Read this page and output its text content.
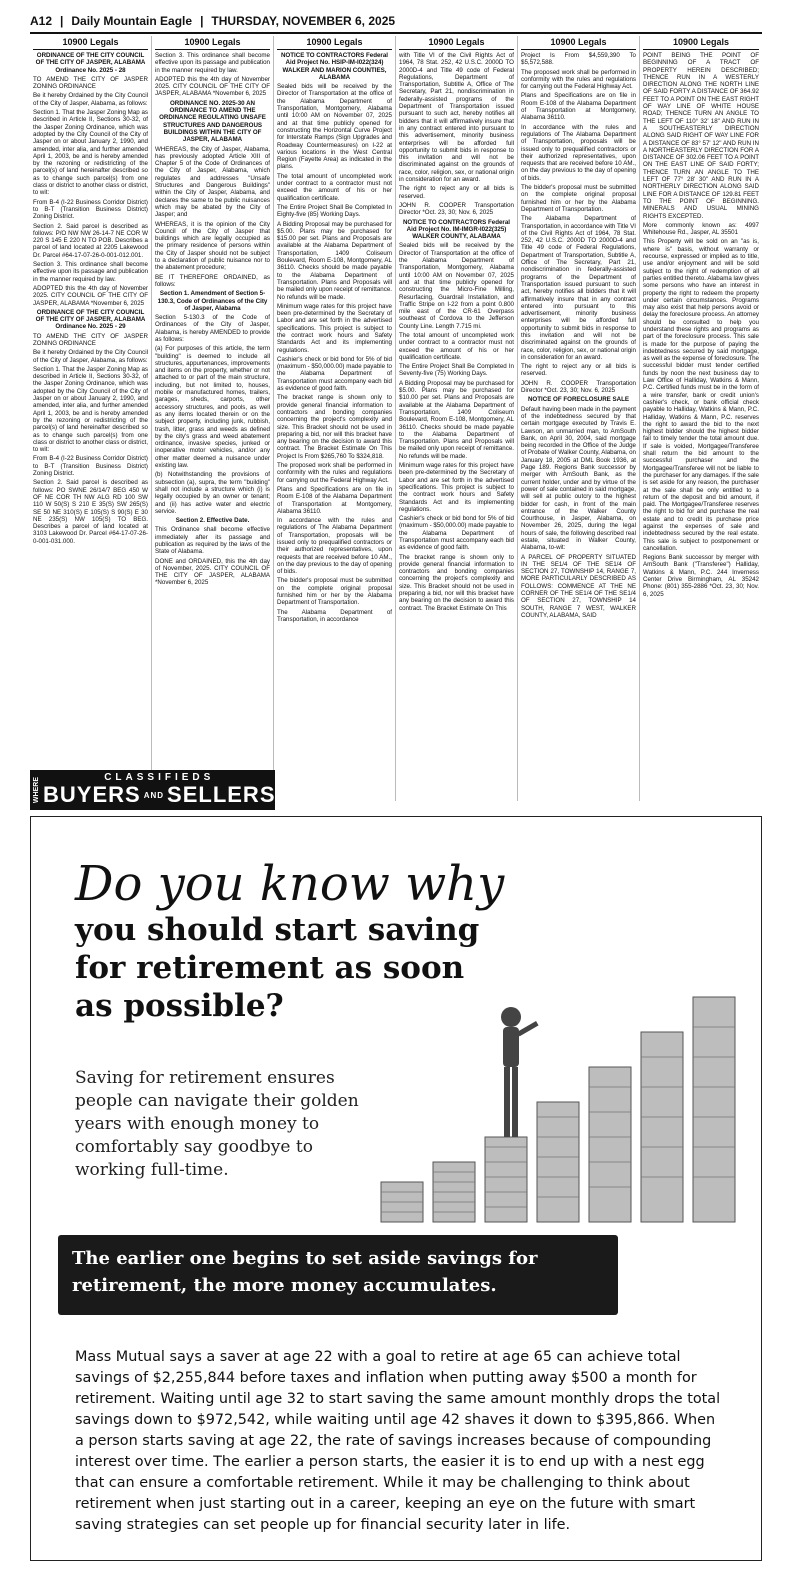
A12 | Daily Mountain Eagle | THURSDAY, NOVEMBER 6, 2025
10900 Legals
ORDINANCE OF THE CITY COUNCIL OF THE CITY OF JASPER, ALABAMA Ordinance No. 2025 - 28

TO AMEND THE CITY OF JASPER ZONING ORDINANCE

Be it hereby Ordained by the City Council of the City of Jasper, Alabama, as follows:

Section 1. That the Jasper Zoning Map as described in Article II, Sections 30-32, of the Jasper Zoning Ordinance, which was adopted by the City Council of the City of Jasper on or about January 2, 1990, and amended, inter alia, and further amended April 1, 2003, be and is hereby amended by the rezoning or redistricting of the parcel(s) of land hereinafter described so as to change such parcel(s) from one class or district to another class or district, to wit:

From B-4 (I-22 Business Corridor District) to B-T (Transition Business District) Zoning District.

Section 2. Said parcel is described as follows: P/O NW NW 26-14-7 NE COR W 220 S 145 E 220 N TO POB. Describes a parcel of land located at 2205 Lakewood Dr. Parcel #64-17-07-26-0-001-012.001.

Section 3. This ordinance shall become effective upon its passage and publication in the manner required by law.

ADOPTED this the 4th day of November 2025. CITY COUNCIL OF THE CITY OF JASPER, ALABAMA *November 6, 2025

ORDINANCE OF THE CITY COUNCIL OF THE CITY OF JASPER, ALABAMA Ordinance No. 2025 - 29

TO AMEND THE CITY OF JASPER ZONING ORDINANCE

Be it hereby Ordained by the City Council of the City of Jasper, Alabama, as follows:

Section 1. That the Jasper Zoning Map as described in Article II, Sections 30-32, of the Jasper Zoning Ordinance, which was adopted by the City Council of the City of Jasper on or about January 2, 1990, and amended, inter alia, and further amended April 1, 2003, be and is hereby amended by the rezoning or redistricting of the parcel(s) of land hereinafter described so as to change such parcel(s) from one class or district to another class or district, to wit:

From B-4 (I-22 Business Corridor District) to B-T (Transition Business District) Zoning District.

Section 2. Said parcel is described as follows: PO SWNE 26/14/7 BEG 450 W OF NE COR TH NW ALG RD 100 SW 110 W 50(S) S 210 E 35(S) SW 265(S) SE 50 NE 310(S) E 105(S) S 90(S) E 30 NE 235(S) NW 105(S) TO BEG. Describes a parcel of land located at 3103 Lakewood Dr. Parcel #64-17-07-26-0-001-031.000.

10900 Legals

Section 3. This ordinance shall become effective upon its passage and publication in the manner required by law.

ADOPTED this the 4th day of November 2025. CITY COUNCIL OF THE CITY OF JASPER, ALABAMA *November 6, 2025

ORDINANCE NO. 2025-30 AN ORDINANCE TO AMEND THE ORDINANCE REGULATING UNSAFE STRUCTURES AND DANGEROUS BUILDINGS WITHIN THE CITY OF JASPER, ALABAMA

WHEREAS, the City of Jasper, Alabama, has previously adopted Article XIII of Chapter 5 of the Code of Ordinances of the City of Jasper, Alabama, which regulates and addresses "Unsafe Structures and Dangerous Buildings" within the City of Jasper, Alabama, and declares the same to be public nuisances which may be abated by the City of Jasper; and

WHEREAS, it is the opinion of the City Council of the City of Jasper that buildings which are legally occupied as the primary residence of persons within the City of Jasper should not be subject to a declaration of public nuisance nor to the abatement procedure;

BE IT THEREFORE ORDAINED, as follows:

Section 1. Amendment of Section 5-130.3, Code of Ordinances of the City of Jasper, Alabama

Section 5-130.3 of the Code of Ordinances of the City of Jasper, Alabama, is hereby AMENDED to provide as follows:

(a) For purposes of this article, the term "building" is deemed to include all structures, appurtenances, improvements and items on the property, whether or not attached to or part of the main structure, including, but not limited to, houses, mobile or manufactured homes, trailers, garages, sheds, carports, other accessory structures, and pools, as well as any items located therein or on the subject property, including junk, rubbish, trash, litter, grass and weeds as defined by the city's grass and weed abatement ordinance, invasive species, junked or inoperative motor vehicles, and/or any other matter deemed a nuisance under existing law.

(b) Notwithstanding the provisions of subsection (a), supra, the term "building" shall not include a structure which (i) is legally occupied by an owner or tenant; and (ii) has active water and electric service.

Section 2. Effective Date.

This Ordinance shall become effective immediately after its passage and publication as required by the laws of the State of Alabama.

DONE and ORDAINED, this the 4th day of November, 2025. CITY COUNCIL OF THE CITY OF JASPER, ALABAMA *November 6, 2025

10900 Legals
NOTICE TO CONTRACTORS Federal Aid Project No. HSIP-IM-I022(324) WALKER AND MARION COUNTIES, ALABAMA

Sealed bids will be received by the Director of Transportation at the office of the Alabama Department of Transportation, Montgomery, Alabama until 10:00 AM on November 07, 2025 and at that time publicly opened for constructing the Horizontal Curve Project for Interstate Ramps (Sign Upgrades and Roadway Countermeasures) on I-22 at various locations in the West Central Region (Fayette Area) as indicated in the plans.

The total amount of uncompleted work under contract to a contractor must not exceed the amount of his or her qualification certificate.

The Entire Project Shall Be Completed In Eighty-five (85) Working Days.

A Bidding Proposal may be purchased for $5.00. Plans may be purchased for $15.00 per set. Plans and Proposals are available at the Alabama Department of Transportation, 1409 Coliseum Boulevard, Room E-108, Montgomery, AL 36110. Checks should be made payable to the Alabama Department of Transportation. Plans and Proposals will be mailed only upon receipt of remittance. No refunds will be made.

Minimum wage rates for this project have been pre-determined by the Secretary of Labor and are set forth in the advertised specifications. This project is subject to the contract work hours and Safety Standards Act and its implementing regulations.

Cashier's check or bid bond for 5% of bid (maximum - $50,000.00) made payable to the Alabama Department of Transportation must accompany each bid as evidence of good faith.

The bracket range is shown only to provide general financial information to contractors and bonding companies concerning the project's complexity and size. This Bracket should not be used in preparing a bid, nor will this bracket have any bearing on the decision to award this contract. The Bracket Estimate On This Project Is From $265,760 To $324,818.

The proposed work shall be performed in conformity with the rules and regulations for carrying out the Federal Highway Act.

Plans and Specifications are on file in Room E-108 of the Alabama Department of Transportation at Montgomery, Alabama 36110.

In accordance with the rules and regulations of The Alabama Department of Transportation, proposals will be issued only to prequalified contractors or their authorized representatives, upon requests that are received before 10 AM., on the day previous to the day of opening of bids.

The bidder's proposal must be submitted on the complete original proposal furnished him or her by the Alabama Department of Transportation.

The Alabama Department of Transportation, in accordance

10900 Legals

with Title VI of the Civil Rights Act of 1964, 78 Stat. 252, 42 U.S.C. 2000D TO 2000D-4 and Title 49 code of Federal Regulations, Department of Transportation, Subtitle A, Office of The Secretary, Part 21, nondiscrimination in federally-assisted programs of the Department of Transportation issued pursuant to such act, hereby notifies all bidders that it will affirmatively insure that in any contract entered into pursuant to this advertisement, minority business enterprises will be afforded full opportunity to submit bids in response to this invitation and will not be discriminated against on the grounds of race, color, religion, sex, or national origin in consideration for an award.

The right to reject any or all bids is reserved.

JOHN R. COOPER Transportation Director *Oct. 23, 30; Nov. 6, 2025

NOTICE TO CONTRACTORS Federal Aid Project No. IM-IMGR-I022(325) WALKER COUNTY, ALABAMA

Sealed bids will be received by the Director of Transportation at the office of the Alabama Department of Transportation, Montgomery, Alabama until 10:00 AM on November 07, 2025 and at that time publicly opened for constructing the Micro-Fine Milling, Resurfacing, Guardrail Installation, and Traffic Stripe on I-22 from a point 0.800 mile east of the CR-61 Overpass southeast of Cordova to the Jefferson County Line. Length 7.715 mi.

The total amount of uncompleted work under contract to a contractor must not exceed the amount of his or her qualification certificate.

The Entire Project Shall Be Completed In Seventy-five (75) Working Days.

A Bidding Proposal may be purchased for $5.00. Plans may be purchased for $10.00 per set. Plans and Proposals are available at the Alabama Department of Transportation, 1409 Coliseum Boulevard, Room E-108, Montgomery, AL 36110. Checks should be made payable to the Alabama Department of Transportation. Plans and Proposals will be mailed only upon receipt of remittance. No refunds will be made.

Minimum wage rates for this project have been pre-determined by the Secretary of Labor and are set forth in the advertised specifications. This project is subject to the contract work hours and Safety Standards Act and its implementing regulations.

Cashier's check or bid bond for 5% of bid (maximum - $50,000.00) made payable to the Alabama Department of Transportation must accompany each bid as evidence of good faith.

The bracket range is shown only to provide general financial information to contractors and bonding companies concerning the project's complexity and size. This Bracket should not be used in preparing a bid, nor will this bracket have any bearing on the decision to award this contract. The Bracket Estimate On This

10900 Legals

Project Is From $4,559,390 To $5,572,588.

The proposed work shall be performed in conformity with the rules and regulations for carrying out the Federal Highway Act.

Plans and Specifications are on file in Room E-108 of the Alabama Department of Transportation at Montgomery, Alabama 36110.

In accordance with the rules and regulations of The Alabama Department of Transportation, proposals will be issued only to prequalified contractors or their authorized representatives, upon requests that are received before 10 AM., on the day previous to the day of opening of bids.

The bidder's proposal must be submitted on the complete original proposal furnished him or her by the Alabama Department of Transportation.

The Alabama Department of Transportation, in accordance with Title VI of the Civil Rights Act of 1964, 78 Stat. 252, 42 U.S.C. 2000D TO 2000D-4 and Title 49 code of Federal Regulations, Department of Transportation, Subtitle A, Office of The Secretary, Part 21, nondiscrimination in federally-assisted programs of the Department of Transportation issued pursuant to such act, hereby notifies all bidders that it will affirmatively insure that in any contract entered into pursuant to this advertisement, minority business enterprises will be afforded full opportunity to submit bids in response to this invitation and will not be discriminated against on the grounds of race, color, religion, sex, or national origin in consideration for an award.

The right to reject any or all bids is reserved.

JOHN R. COOPER Transportation Director *Oct. 23, 30; Nov. 6, 2025

NOTICE OF FORECLOSURE SALE

Default having been made in the payment of the indebtedness secured by that certain mortgage executed by Travis E. Lawson, an unmarried man, to AmSouth Bank, on April 30, 2004, said mortgage being recorded in the Office of the Judge of Probate of Walker County, Alabama, on January 18, 2005 at DML Book 1936, at Page 189. Regions Bank successor by merger with AmSouth Bank, as the current holder, under and by virtue of the power of sale contained in said mortgage, will sell at public outcry to the highest bidder for cash, in front of the main entrance of the Walker County Courthouse, in Jasper, Alabama, on November 26, 2025, during the legal hours of sale, the following described real estate, situated in Walker County, Alabama, to-wit:

A PARCEL OF PROPERTY SITUATED IN THE SE1/4 OF THE SE1/4 OF SECTION 27, TOWNSHIP 14, RANGE 7, MORE PARTICULARLY DESCRIBED AS FOLLOWS: COMMENCE AT THE NE CORNER OF THE SE1/4 OF THE SE1/4 OF SECTION 27, TOWNSHIP 14 SOUTH, RANGE 7 WEST, WALKER COUNTY, ALABAMA, SAID

10900 Legals

POINT BEING THE POINT OF BEGINNING OF A TRACT OF PROPERTY HEREIN DESCRIBED; THENCE RUN IN A WESTERLY DIRECTION ALONG THE NORTH LINE OF SAID FORTY A DISTANCE OF 364.92 FEET TO A POINT ON THE EAST RIGHT OF WAY LINE OF WHITE HOUSE ROAD; THENCE TURN AN ANGLE TO THE LEFT OF 110° 32' 18" AND RUN IN A SOUTHEASTERLY DIRECTION ALONG SAID RIGHT OF WAY LINE FOR A DISTANCE OF 83° 57' 12" AND RUN IN A NORTHEASTERLY DIRECTION FOR A DISTANCE OF 302.06 FEET TO A POINT ON THE EAST LINE OF SAID FORTY; THENCE TURN AN ANGLE TO THE LEFT OF 77° 28' 30" AND RUN IN A NORTHERLY DIRECTION ALONG SAID LINE FOR A DISTANCE OF 129.81 FEET TO THE POINT OF BEGINNING. MINERALS AND USUAL MINING RIGHTS EXCEPTED.

More commonly known as: 4997 Whitehouse Rd., Jasper, AL 35501

This Property will be sold on an "as is, where is" basis, without warranty or recourse, expressed or implied as to title, use and/or enjoyment and will be sold subject to the right of redemption of all parties entitled thereto. Alabama law gives some persons who have an interest in property the right to redeem the property under certain circumstances. Programs may also exist that help persons avoid or delay the foreclosure process. An attorney should be consulted to help you understand these rights and programs as part of the foreclosure process. This sale is made for the purpose of paying the indebtedness secured by said mortgage, as well as the expense of foreclosure. The successful bidder must tender certified funds by noon the next business day to Law Office of Halliday, Watkins & Mann, P.C. Certified funds must be in the form of a wire transfer, bank or credit union's cashier's check, or bank official check payable to Halliday, Watkins & Mann, P.C. Halliday, Watkins & Mann, P.C. reserves the right to award the bid to the next highest bidder should the highest bidder fail to timely tender the total amount due. If sale is voided, Mortgagee/Transferee shall return the bid amount to the successful purchaser and the Mortgagee/Transferee will not be liable to the purchaser for any damages. If the sale is set aside for any reason, the purchaser at the sale shall be only entitled to a return of the deposit and bid amount, if paid. The Mortgagee/Transferee reserves the right to bid for and purchase the real estate and to credit its purchase price against the expenses of sale and indebtedness secured by the real estate. This sale is subject to postponement or cancellation.

Regions Bank successor by merger with AmSouth Bank ("Transferee") Halliday, Watkins & Mann, P.C. 244 Inverness Center Drive Birmingham, AL 35242 Phone: (801) 355-2886 *Oct. 23, 30; Nov. 6, 2025

WHERE	CLASSIFIEDS
BUYERS AND SELLERS MEET
Do you know why
you should start saving for retirement as soon as possible?
Saving for retirement ensures people can navigate their golden years with enough money to comfortably say goodbye to working full-time.
The earlier one begins to set aside savings for retirement, the more money accumulates.
Mass Mutual says a saver at age 22 with a goal to retire at age 65 can achieve total savings of $2,255,844 before taxes and inflation when putting away $500 a month for retirement. Waiting until age 32 to start saving the same amount monthly drops the total savings down to $972,542, while waiting until age 42 shaves it down to $395,866. When a person starts saving at age 22, the rate of savings increases because of compounding interest over time. The earlier a person starts, the easier it is to end up with a nest egg that can ensure a comfortable retirement. While it may be challenging to think about retirement when just starting out in a career, keeping an eye on the future with smart saving strategies can set people up for financial security later in life.
